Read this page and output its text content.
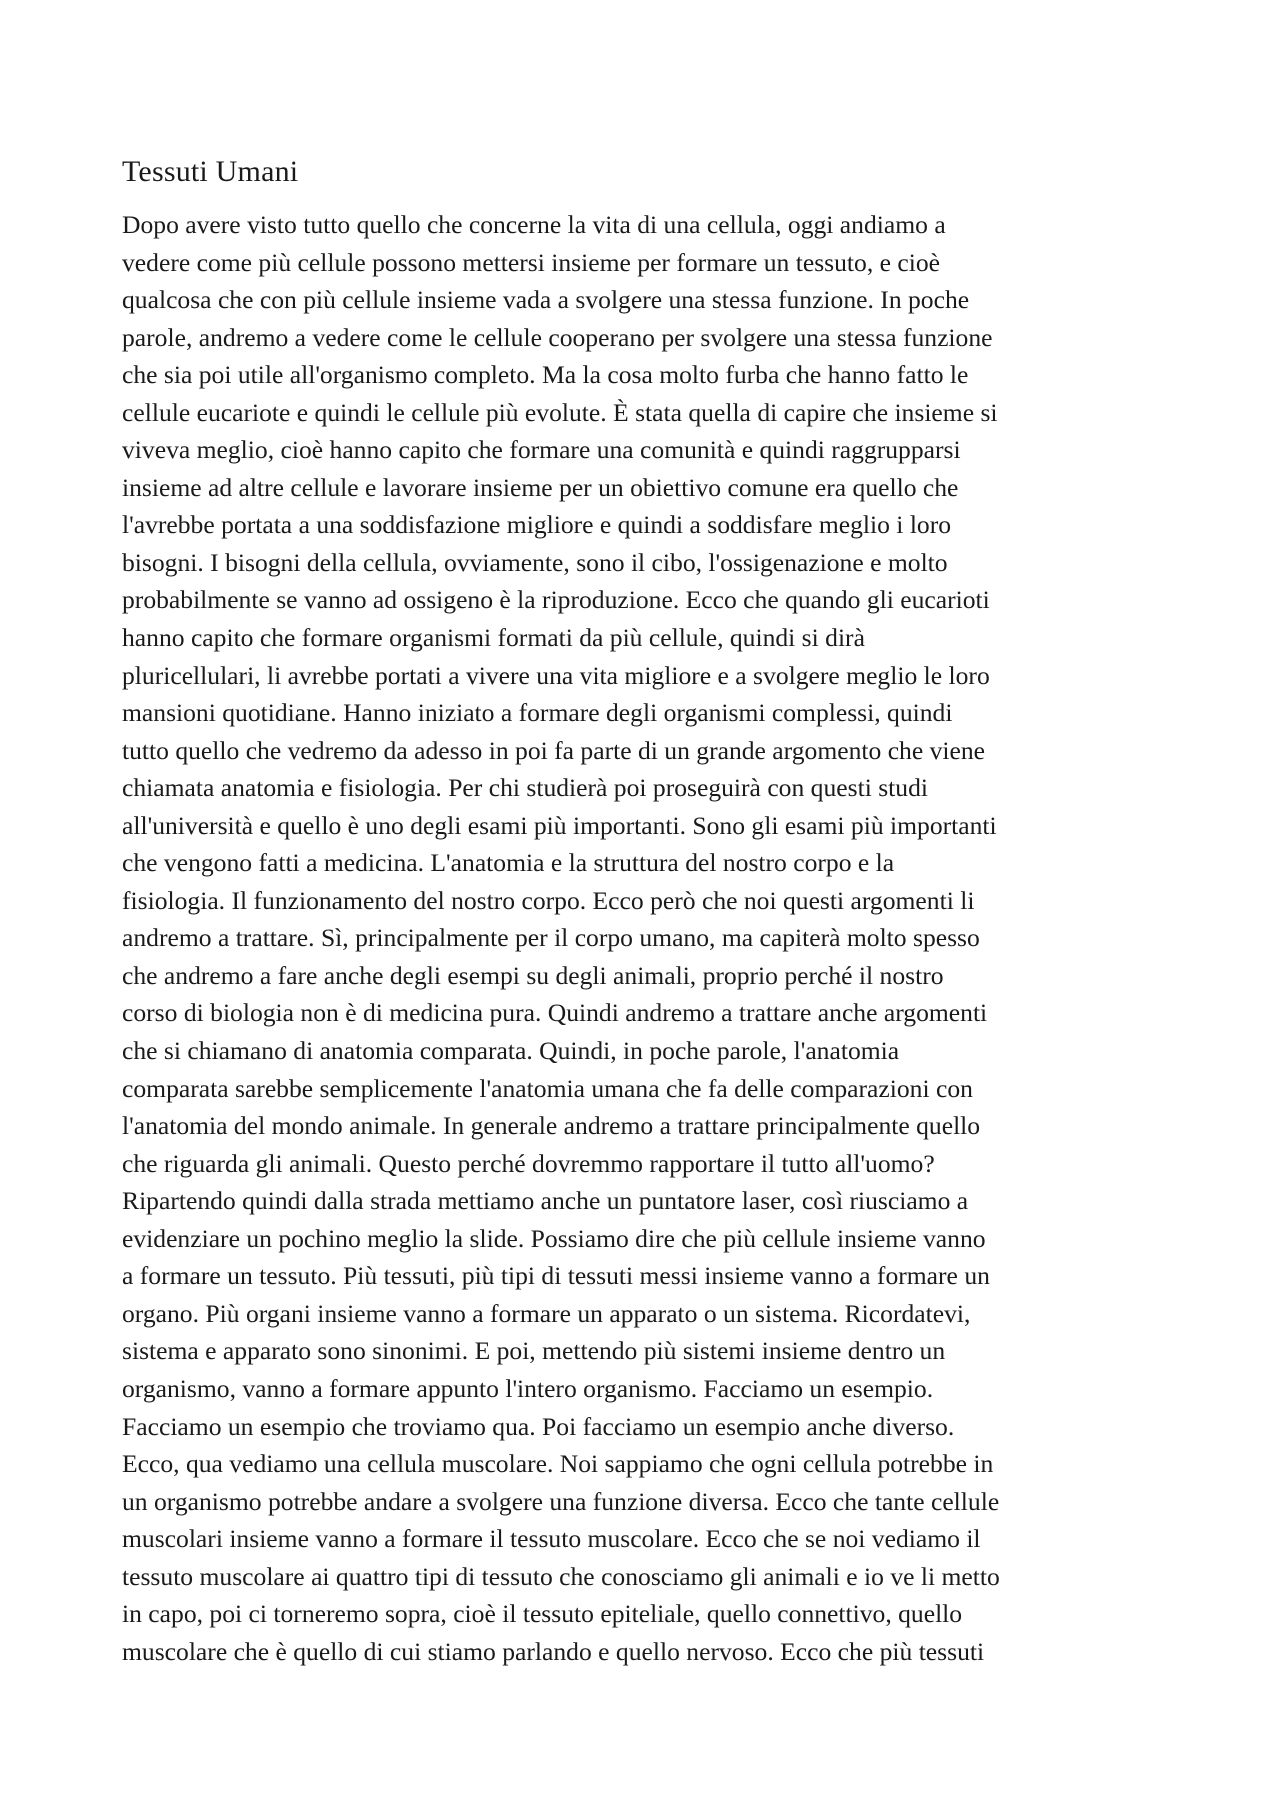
Tessuti Umani

Dopo avere visto tutto quello che concerne la vita di una cellula, oggi andiamo a
vedere come più cellule possono mettersi insieme per formare un tessuto, e cioè
qualcosa che con più cellule insieme vada a svolgere una stessa funzione. In poche
parole, andremo a vedere come le cellule cooperano per svolgere una stessa funzione
che sia poi utile all'organismo completo. Ma la cosa molto furba che hanno fatto le
cellule eucariote e quindi le cellule più evolute. È stata quella di capire che insieme si
viveva meglio, cioè hanno capito che formare una comunità e quindi raggrupparsi
insieme ad altre cellule e lavorare insieme per un obiettivo comune era quello che
l'avrebbe portata a una soddisfazione migliore e quindi a soddisfare meglio i loro
bisogni. I bisogni della cellula, ovviamente, sono il cibo, l'ossigenazione e molto
probabilmente se vanno ad ossigeno è la riproduzione. Ecco che quando gli eucarioti
hanno capito che formare organismi formati da più cellule, quindi si dirà
pluricellulari, li avrebbe portati a vivere una vita migliore e a svolgere meglio le loro
mansioni quotidiane. Hanno iniziato a formare degli organismi complessi, quindi
tutto quello che vedremo da adesso in poi fa parte di un grande argomento che viene
chiamata anatomia e fisiologia. Per chi studierà poi proseguirà con questi studi
all'università e quello è uno degli esami più importanti. Sono gli esami più importanti
che vengono fatti a medicina. L'anatomia e la struttura del nostro corpo e la
fisiologia. Il funzionamento del nostro corpo. Ecco però che noi questi argomenti li
andremo a trattare. Sì, principalmente per il corpo umano, ma capiterà molto spesso
che andremo a fare anche degli esempi su degli animali, proprio perché il nostro
corso di biologia non è di medicina pura. Quindi andremo a trattare anche argomenti
che si chiamano di anatomia comparata. Quindi, in poche parole, l'anatomia
comparata sarebbe semplicemente l'anatomia umana che fa delle comparazioni con
l'anatomia del mondo animale. In generale andremo a trattare principalmente quello
che riguarda gli animali. Questo perché dovremmo rapportare il tutto all'uomo?
Ripartendo quindi dalla strada mettiamo anche un puntatore laser, così riusciamo a
evidenziare un pochino meglio la slide. Possiamo dire che più cellule insieme vanno
a formare un tessuto. Più tessuti, più tipi di tessuti messi insieme vanno a formare un
organo. Più organi insieme vanno a formare un apparato o un sistema. Ricordatevi,
sistema e apparato sono sinonimi. E poi, mettendo più sistemi insieme dentro un
organismo, vanno a formare appunto l'intero organismo. Facciamo un esempio.
Facciamo un esempio che troviamo qua. Poi facciamo un esempio anche diverso.
Ecco, qua vediamo una cellula muscolare. Noi sappiamo che ogni cellula potrebbe in
un organismo potrebbe andare a svolgere una funzione diversa. Ecco che tante cellule
muscolari insieme vanno a formare il tessuto muscolare. Ecco che se noi vediamo il
tessuto muscolare ai quattro tipi di tessuto che conosciamo gli animali e io ve li metto
in capo, poi ci torneremo sopra, cioè il tessuto epiteliale, quello connettivo, quello
muscolare che è quello di cui stiamo parlando e quello nervoso. Ecco che più tessuti
